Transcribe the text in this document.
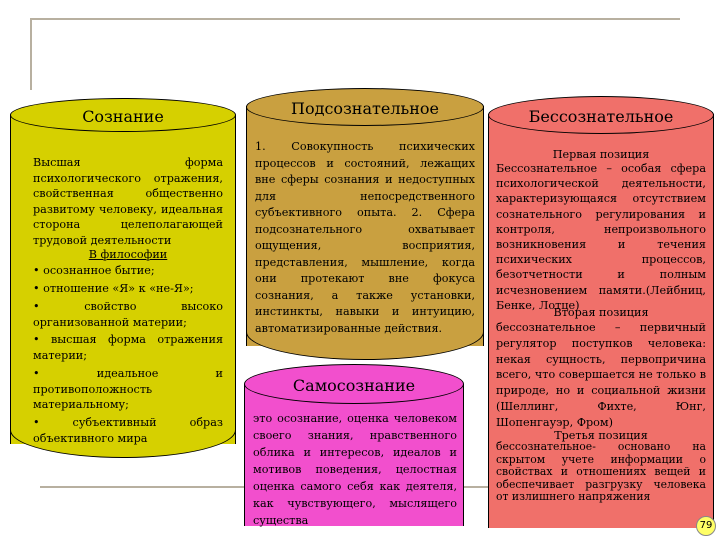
Сознание
Высшая форма психологического отражения, свойственная общественно развитому человеку, идеальная сторона целеполагающей трудовой деятельности
В философии
• осознанное бытие;
• отношение «Я» к «не-Я»;
• свойство высоко организованной материи;
• высшая форма отражения материи;
• идеальное и противоположность материальному;
• субъективный образ объективного мира
Подсознательное
1. Совокупность психических процессов и состояний, лежащих вне сферы сознания и недоступных для непосредственного субъективного опыта. 2. Сфера подсознательного охватывает ощущения, восприятия, представления, мышление, когда они протекают вне фокуса сознания, а также установки, инстинкты, навыки и интуицию, автоматизированные действия.
Самосознание
это осознание, оценка человеком своего знания, нравственного облика и интересов, идеалов и мотивов поведения, целостная оценка самого себя как деятеля, как чувствующего, мыслящего существа
Бессознательное
Первая позиция
Бессознательное – особая сфера психологической деятельности, характеризующаяся отсутствием сознательного регулирования и контроля, непроизвольного возникновения и течения психических процессов, безотчетности и полным исчезновением памяти.(Лейбниц, Бенке, Лотце)
Вторая позиция
бессознательное – первичный регулятор поступков человека: некая сущность, первопричина всего, что совершается не только в природе, но и социальной жизни (Шеллинг, Фихте, Юнг, Шопенгауэр, Фром)
Третья позиция
бессознательное- основано на скрытом учете информации о свойствах и отношениях вещей и обеспечивает разгрузку человека от излишнего напряжения
79
